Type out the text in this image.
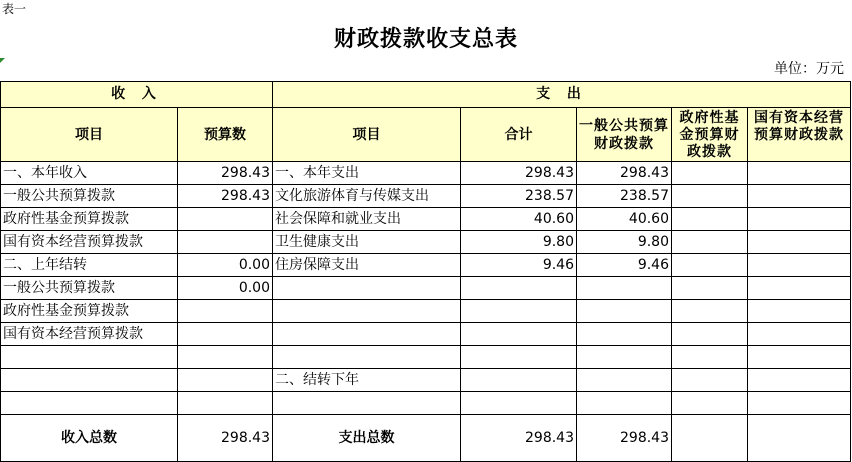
表一
财政拨款收支总表
单位：万元
收 入		支 出				
项目	预算数	项目	合计	一般公共预算财政拨款	政府性基金预算财政拨款	国有资本经营预算财政拨款
一、本年收入	298.43	一、本年支出	298.43	298.43		
一般公共预算拨款	298.43	文化旅游体育与传媒支出	238.57	238.57		
政府性基金预算拨款		社会保障和就业支出	40.60	40.60		
国有资本经营预算拨款		卫生健康支出	9.80	9.80		
二、上年结转	0.00	住房保障支出	9.46	9.46		
一般公共预算拨款	0.00					
政府性基金预算拨款						
国有资本经营预算拨款						

		二、结转下年				

收入总数	298.43	支出总数	298.43	298.43		
